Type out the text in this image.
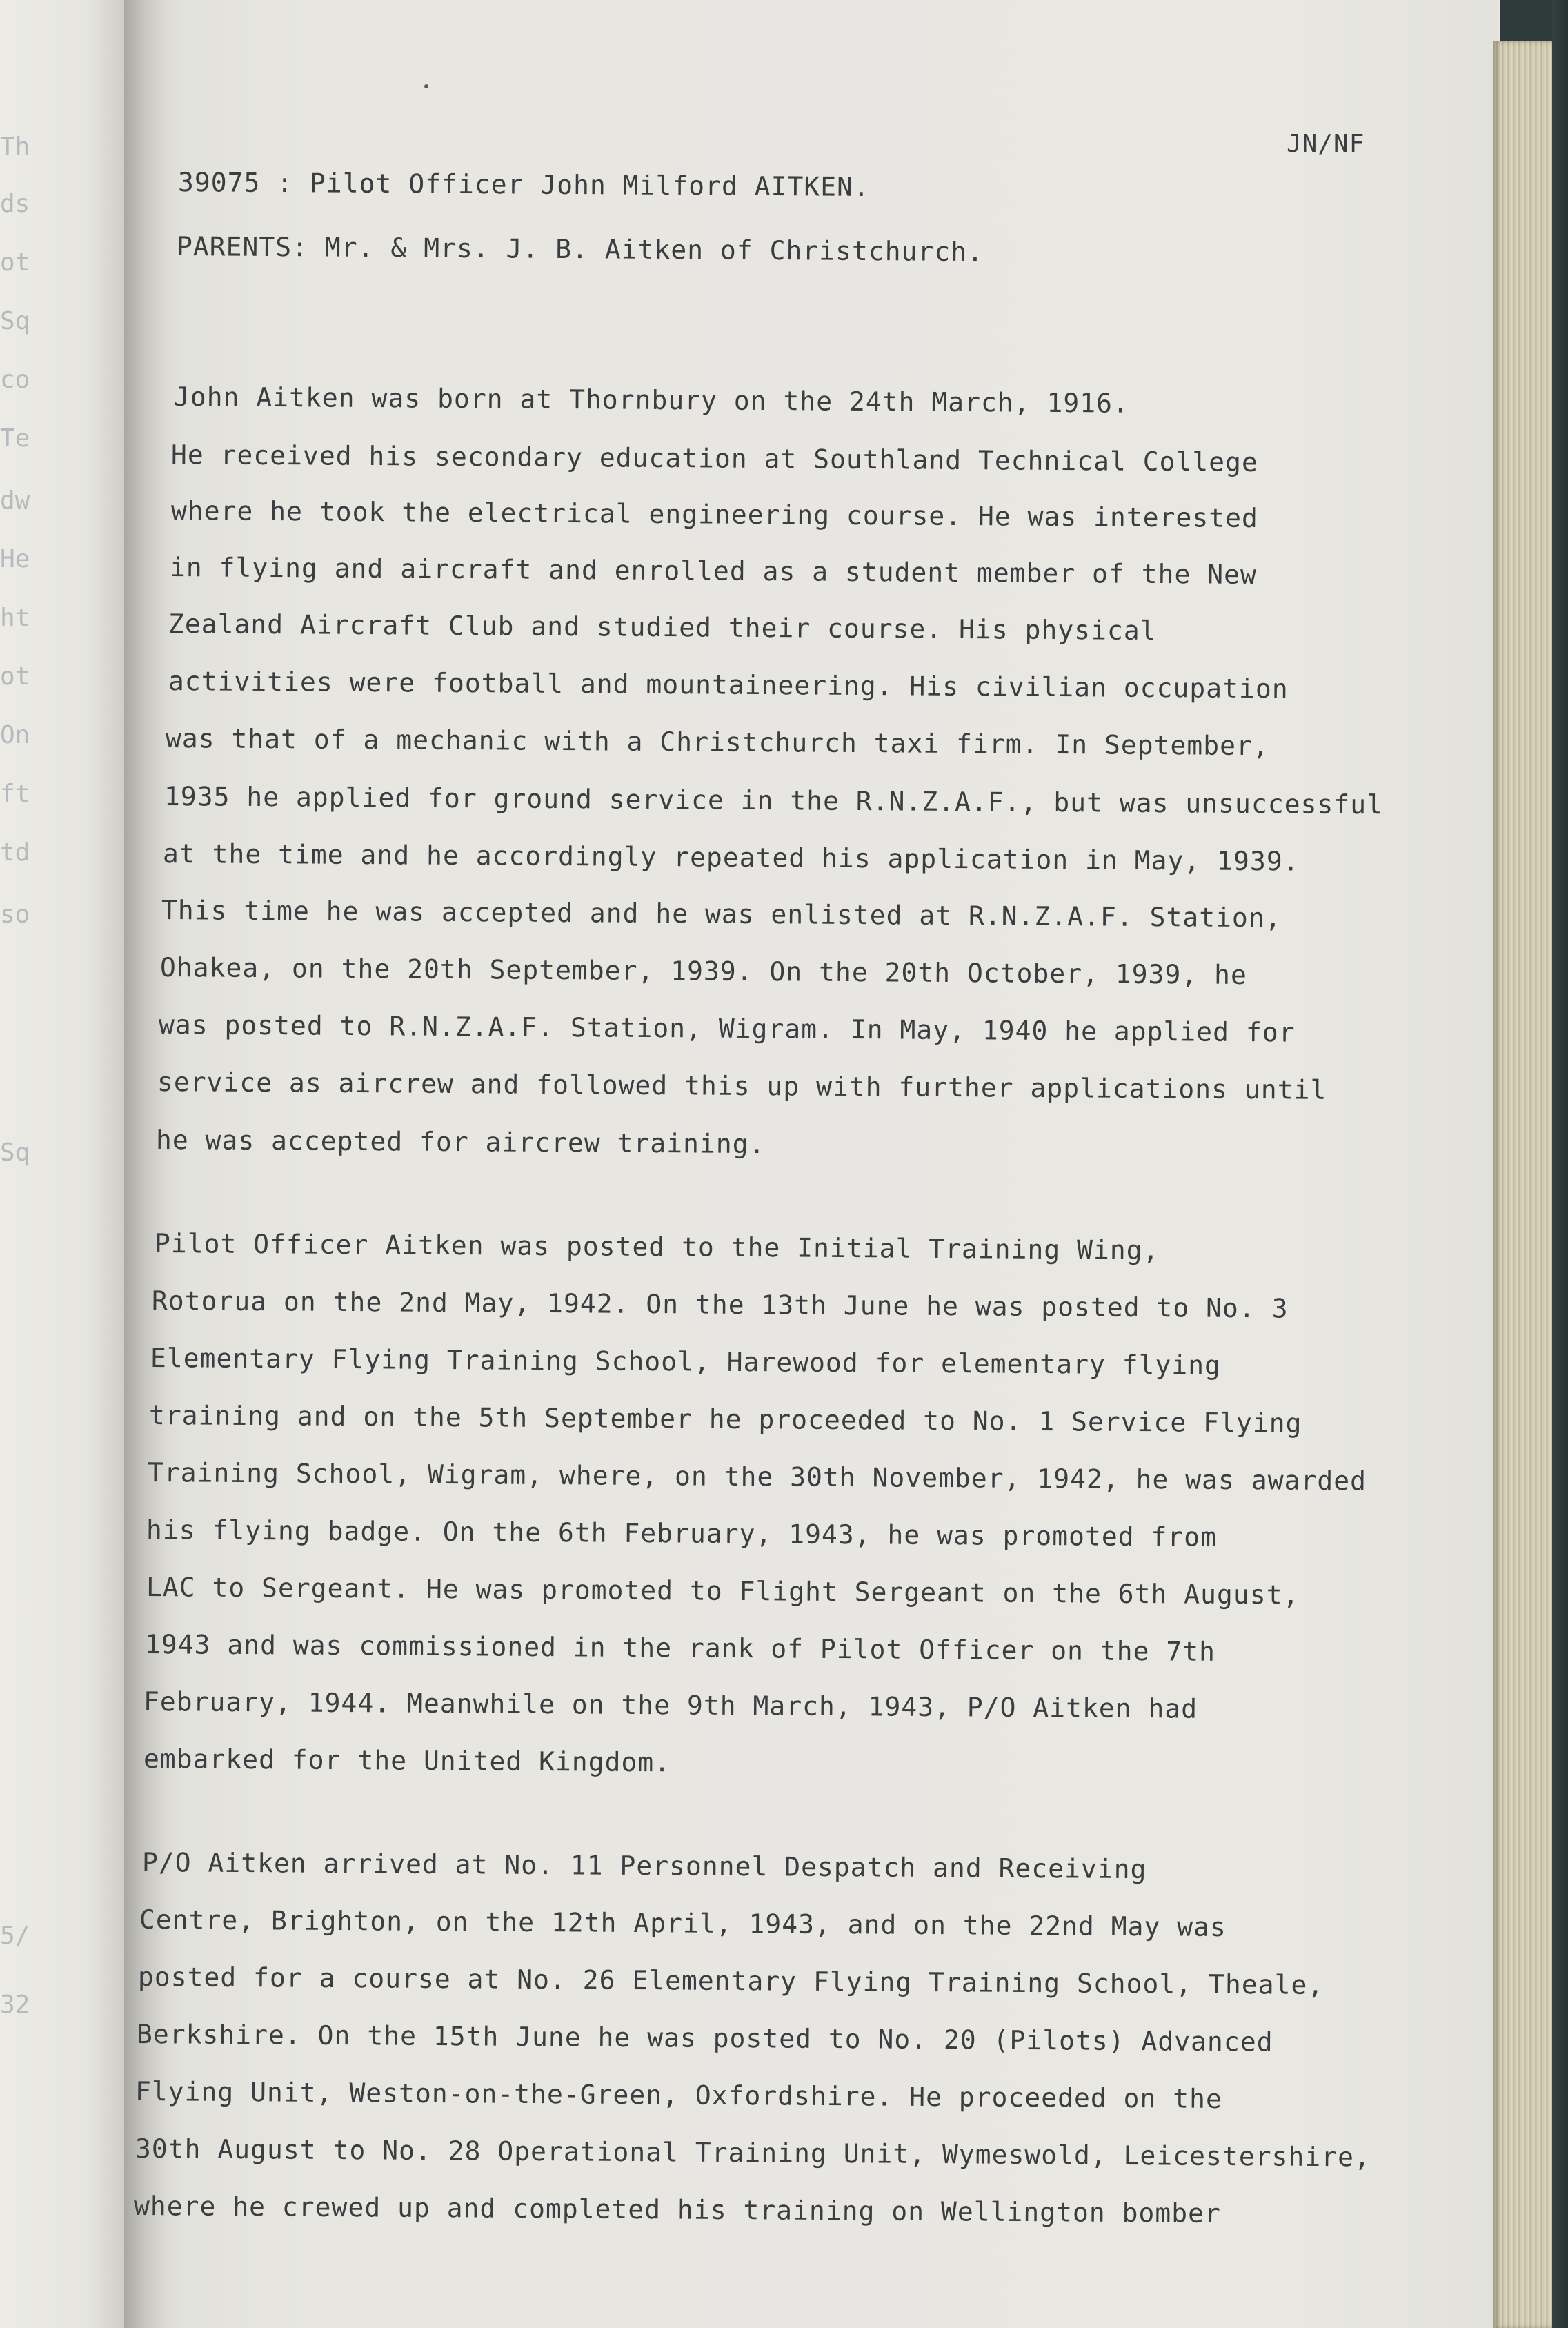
Th
ds
ot
Sq
co
Te
dw
He
ht
ot
On
ft
td
so
Sq
5/
32

JN/NF

39075 : Pilot Officer John Milford AITKEN.

PARENTS: Mr. & Mrs. J. B. Aitken of Christchurch.

John Aitken was born at Thornbury on the 24th March, 1916.

He received his secondary education at Southland Technical College

where he took the electrical engineering course. He was interested

in flying and aircraft and enrolled as a student member of the New

Zealand Aircraft Club and studied their course. His physical

activities were football and mountaineering. His civilian occupation

was that of a mechanic with a Christchurch taxi firm. In September,

1935 he applied for ground service in the R.N.Z.A.F., but was unsuccessful

at the time and he accordingly repeated his application in May, 1939.

This time he was accepted and he was enlisted at R.N.Z.A.F. Station,

Ohakea, on the 20th September, 1939. On the 20th October, 1939, he

was posted to R.N.Z.A.F. Station, Wigram. In May, 1940 he applied for

service as aircrew and followed this up with further applications until

he was accepted for aircrew training.

Pilot Officer Aitken was posted to the Initial Training Wing,

Rotorua on the 2nd May, 1942. On the 13th June he was posted to No. 3

Elementary Flying Training School, Harewood for elementary flying

training and on the 5th September he proceeded to No. 1 Service Flying

Training School, Wigram, where, on the 30th November, 1942, he was awarded

his flying badge. On the 6th February, 1943, he was promoted from

LAC to Sergeant. He was promoted to Flight Sergeant on the 6th August,

1943 and was commissioned in the rank of Pilot Officer on the 7th

February, 1944. Meanwhile on the 9th March, 1943, P/O Aitken had

embarked for the United Kingdom.

P/O Aitken arrived at No. 11 Personnel Despatch and Receiving

Centre, Brighton, on the 12th April, 1943, and on the 22nd May was

posted for a course at No. 26 Elementary Flying Training School, Theale,

Berkshire. On the 15th June he was posted to No. 20 (Pilots) Advanced

Flying Unit, Weston-on-the-Green, Oxfordshire. He proceeded on the

30th August to No. 28 Operational Training Unit, Wymeswold, Leicestershire,

where he crewed up and completed his training on Wellington bomber
